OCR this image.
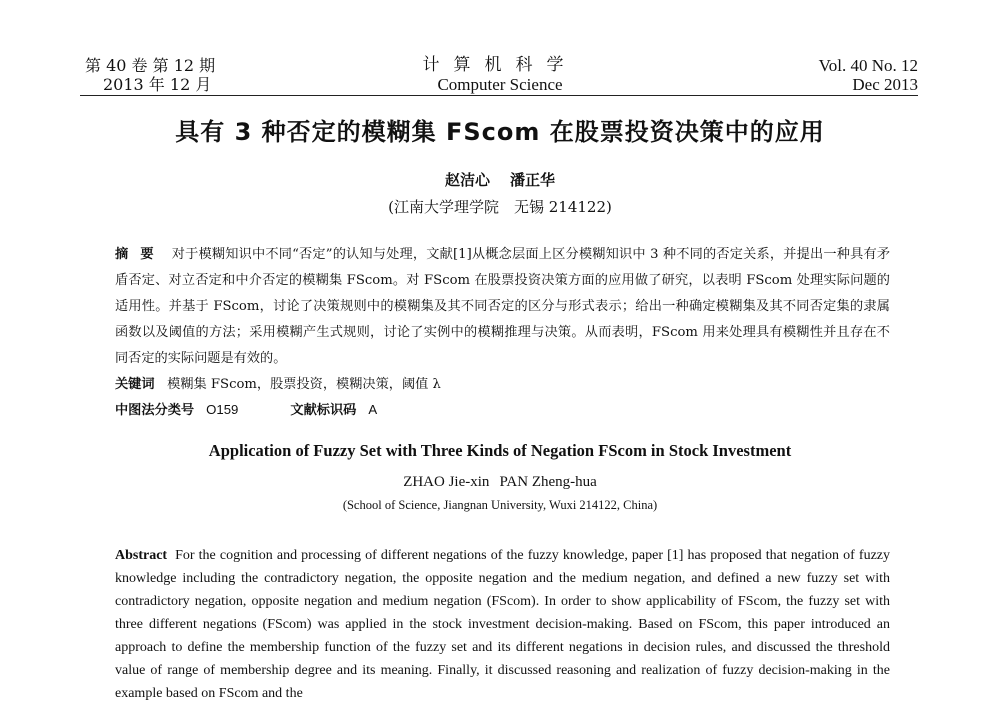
第 40 卷 第 12 期
2013 年 12 月
计算机科学
Computer Science
Vol. 40 No. 12
Dec 2013
具有 3 种否定的模糊集 FScom 在股票投资决策中的应用
赵洁心 潘正华
(江南大学理学院　无锡 214122)
摘要 对于模糊知识中不同“否定”的认知与处理，文献[1]从概念层面上区分模糊知识中 3 种不同的否定关系，并提出一种具有矛盾否定、对立否定和中介否定的模糊集 FScom。对 FScom 在股票投资决策方面的应用做了研究，以表明 FScom 处理实际问题的适用性。并基于 FScom，讨论了决策规则中的模糊集及其不同否定的区分与形式表示；给出一种确定模糊集及其不同否定集的隶属函数以及阈值的方法；采用模糊产生式规则，讨论了实例中的模糊推理与决策。从而表明，FScom 用来处理具有模糊性并且存在不同否定的实际问题是有效的。
关键词 模糊集 FScom，股票投资，模糊决策，阈值 λ
中图法分类号 O159	文献标识码 A
Application of Fuzzy Set with Three Kinds of Negation FScom in Stock Investment
ZHAO Jie-xin PAN Zheng-hua
(School of Science, Jiangnan University, Wuxi 214122, China)
Abstract For the cognition and processing of different negations of the fuzzy knowledge, paper [1] has proposed that negation of fuzzy knowledge including the contradictory negation, the opposite negation and the medium negation, and defined a new fuzzy set with contradictory negation, opposite negation and medium negation (FScom). In order to show applicability of FScom, the fuzzy set with three different negations (FScom) was applied in the stock investment decision-making. Based on FScom, this paper introduced an approach to define the membership function of the fuzzy set and its different negations in decision rules, and discussed the threshold value of range of membership degree and its meaning. Finally, it discussed reasoning and realization of fuzzy decision-making in the example based on FScom and the
